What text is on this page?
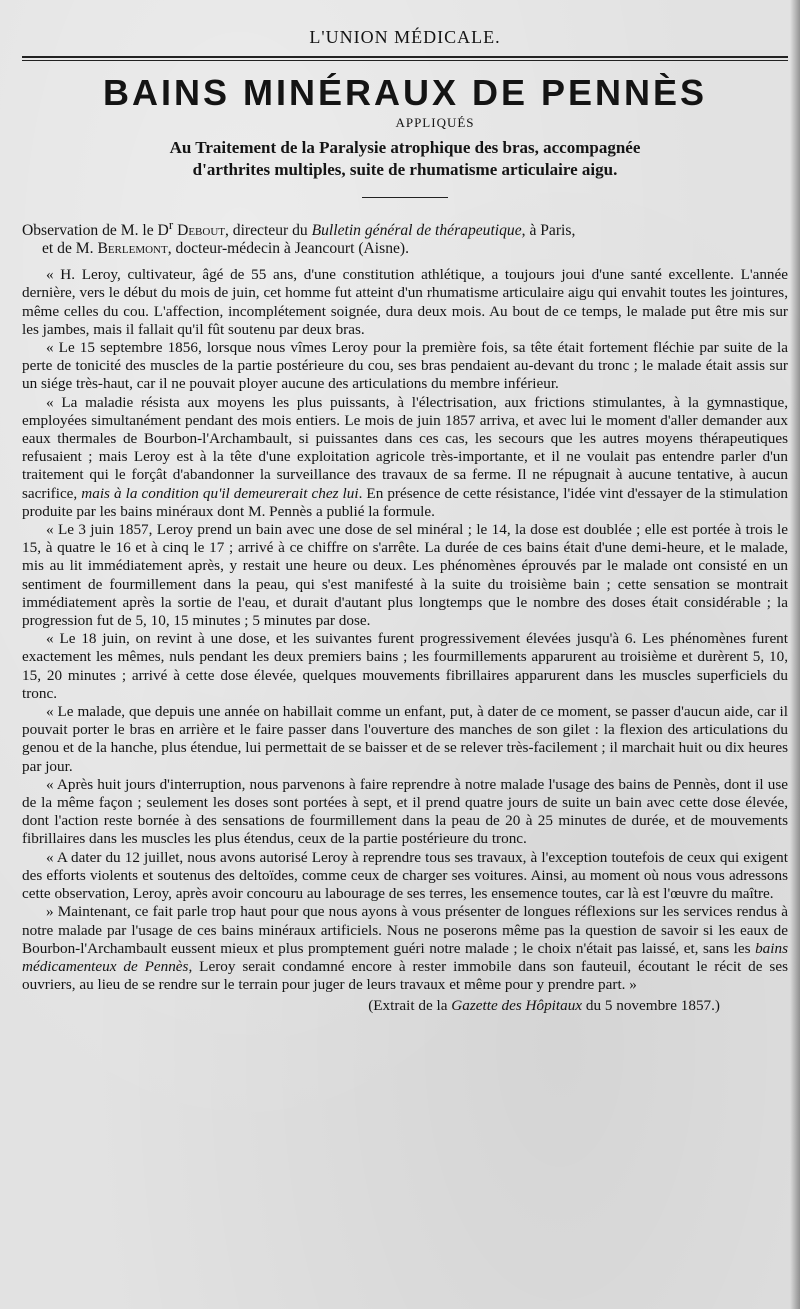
L'UNION MÉDICALE.
BAINS MINÉRAUX DE PENNÈS
APPLIQUÉS
Au Traitement de la Paralysie atrophique des bras, accompagnée
d'arthrites multiples, suite de rhumatisme articulaire aigu.
Observation de M. le $D^r$ Debout, directeur du Bulletin général de thérapeutique, à Paris,
et de M. Berlemont, docteur-médecin à Jeancourt (Aisne).

« H. Leroy, cultivateur, âgé de 55 ans, d'une constitution athlétique, a toujours joui d'une santé excellente. L'année dernière, vers le début du mois de juin, cet homme fut atteint d'un rhumatisme articulaire aigu qui envahit toutes les jointures, même celles du cou. L'affection, incomplétement soignée, dura deux mois. Au bout de ce temps, le malade put être mis sur les jambes, mais il fallait qu'il fût soutenu par deux bras.

« Le 15 septembre 1856, lorsque nous vîmes Leroy pour la première fois, sa tête était fortement fléchie par suite de la perte de tonicité des muscles de la partie postérieure du cou, ses bras pendaient au-devant du tronc ; le malade était assis sur un siége très-haut, car il ne pouvait ployer aucune des articulations du membre inférieur.

« La maladie résista aux moyens les plus puissants, à l'électrisation, aux frictions stimulantes, à la gymnastique, employées simultanément pendant des mois entiers. Le mois de juin 1857 arriva, et avec lui le moment d'aller demander aux eaux thermales de Bourbon-l'Archambault, si puissantes dans ces cas, les secours que les autres moyens thérapeutiques refusaient ; mais Leroy est à la tête d'une exploitation agricole très-importante, et il ne voulait pas entendre parler d'un traitement qui le forçât d'abandonner la surveillance des travaux de sa ferme. Il ne répugnait à aucune tentative, à aucun sacrifice, mais à la condition qu'il demeurerait chez lui. En présence de cette résistance, l'idée vint d'essayer de la stimulation produite par les bains minéraux dont M. Pennès a publié la formule.

« Le 3 juin 1857, Leroy prend un bain avec une dose de sel minéral ; le 14, la dose est doublée ; elle est portée à trois le 15, à quatre le 16 et à cinq le 17 ; arrivé à ce chiffre on s'arrête. La durée de ces bains était d'une demi-heure, et le malade, mis au lit immédiatement après, y restait une heure ou deux. Les phénomènes éprouvés par le malade ont consisté en un sentiment de fourmillement dans la peau, qui s'est manifesté à la suite du troisième bain ; cette sensation se montrait immédiatement après la sortie de l'eau, et durait d'autant plus longtemps que le nombre des doses était considérable ; la progression fut de 5, 10, 15 minutes ; 5 minutes par dose.

« Le 18 juin, on revint à une dose, et les suivantes furent progressivement élevées jusqu'à 6. Les phénomènes furent exactement les mêmes, nuls pendant les deux premiers bains ; les fourmillements apparurent au troisième et durèrent 5, 10, 15, 20 minutes ; arrivé à cette dose élevée, quelques mouvements fibrillaires apparurent dans les muscles superficiels du tronc.

« Le malade, que depuis une année on habillait comme un enfant, put, à dater de ce moment, se passer d'aucun aide, car il pouvait porter le bras en arrière et le faire passer dans l'ouverture des manches de son gilet : la flexion des articulations du genou et de la hanche, plus étendue, lui permettait de se baisser et de se relever très-facilement ; il marchait huit ou dix heures par jour.

« Après huit jours d'interruption, nous parvenons à faire reprendre à notre malade l'usage des bains de Pennès, dont il use de la même façon ; seulement les doses sont portées à sept, et il prend quatre jours de suite un bain avec cette dose élevée, dont l'action reste bornée à des sensations de fourmillement dans la peau de 20 à 25 minutes de durée, et de mouvements fibrillaires dans les muscles les plus étendus, ceux de la partie postérieure du tronc.

« A dater du 12 juillet, nous avons autorisé Leroy à reprendre tous ses travaux, à l'exception toutefois de ceux qui exigent des efforts violents et soutenus des deltoïdes, comme ceux de charger ses voitures. Ainsi, au moment où nous vous adressons cette observation, Leroy, après avoir concouru au labourage de ses terres, les ensemence toutes, car là est l'œuvre du maître.

» Maintenant, ce fait parle trop haut pour que nous ayons à vous présenter de longues réflexions sur les services rendus à notre malade par l'usage de ces bains minéraux artificiels. Nous ne poserons même pas la question de savoir si les eaux de Bourbon-l'Archambault eussent mieux et plus promptement guéri notre malade ; le choix n'était pas laissé, et, sans les bains médicamenteux de Pennès, Leroy serait condamné encore à rester immobile dans son fauteuil, écoutant le récit de ses ouvriers, au lieu de se rendre sur le terrain pour juger de leurs travaux et même pour y prendre part. »

(Extrait de la Gazette des Hôpitaux du 5 novembre 1857.)
